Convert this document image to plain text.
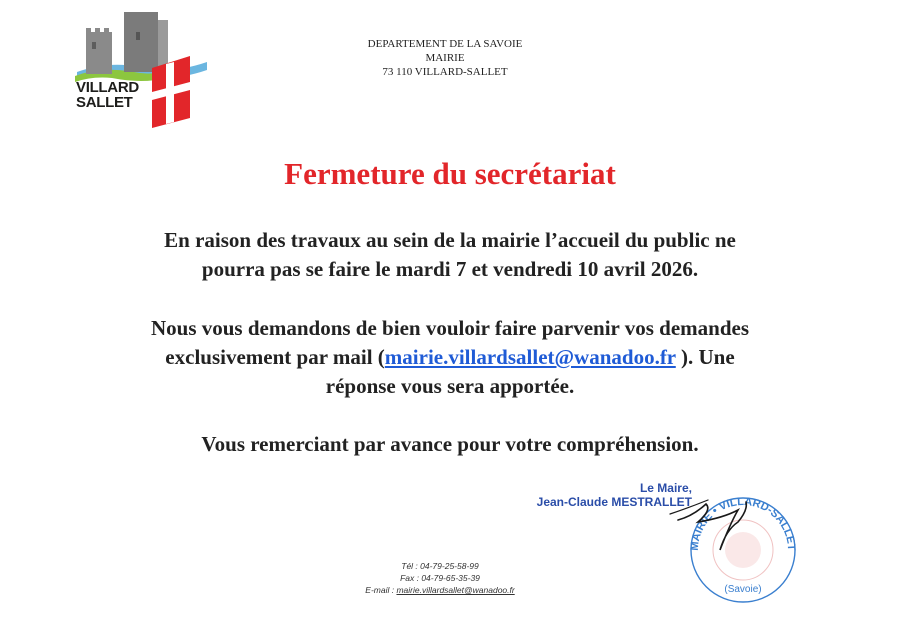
VILLARD
SALLET
DEPARTEMENT DE LA SAVOIE
MAIRIE
73 110 VILLARD-SALLET
Fermeture du secrétariat
En raison des travaux au sein de la mairie l’accueil du public ne
pourra pas se faire le mardi 7 et vendredi 10 avril 2026.
Nous vous demandons de bien vouloir faire parvenir vos demandes
exclusivement par mail (mairie.villardsallet@wanadoo.fr ). Une
réponse vous sera apportée.
Vous remerciant par avance pour votre compréhension.
Le Maire,
Jean-Claude MESTRALLET
MAIRIE • VILLARD-SALLET
(Savoie)
Tél : 04-79-25-58-99
Fax : 04-79-65-35-39
E-mail : mairie.villardsallet@wanadoo.fr
